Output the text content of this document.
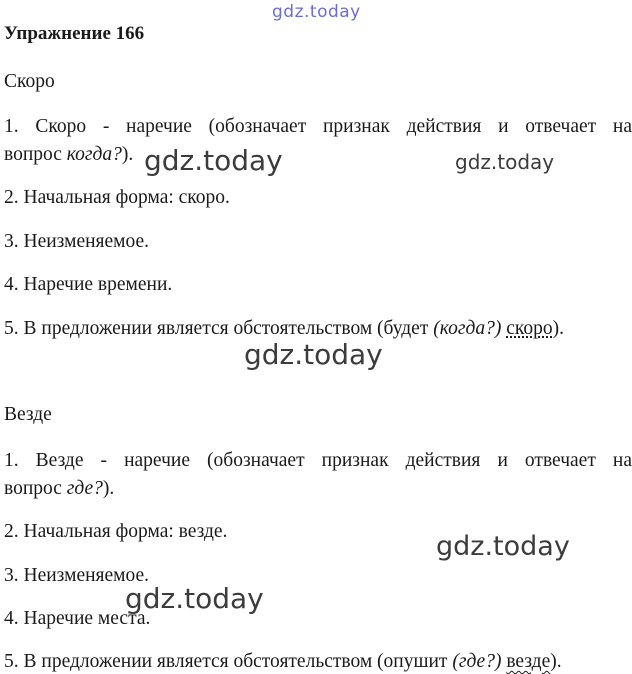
gdz.today
gdz.today	gdz.today
gdz.today
gdz.today
gdz.today
Упражнение 166
Скоро
1. Скоро - наречие (обозначает признак действия и отвечает на
вопрос когда?).
2. Начальная форма: скоро.
3. Неизменяемое.
4. Наречие времени.
5. В предложении является обстоятельством (будет (когда?) скоро).
Везде
1. Везде - наречие (обозначает признак действия и отвечает на
вопрос где?).
2. Начальная форма: везде.
3. Неизменяемое.
4. Наречие места.
5. В предложении является обстоятельством (опушит (где?) везде).
